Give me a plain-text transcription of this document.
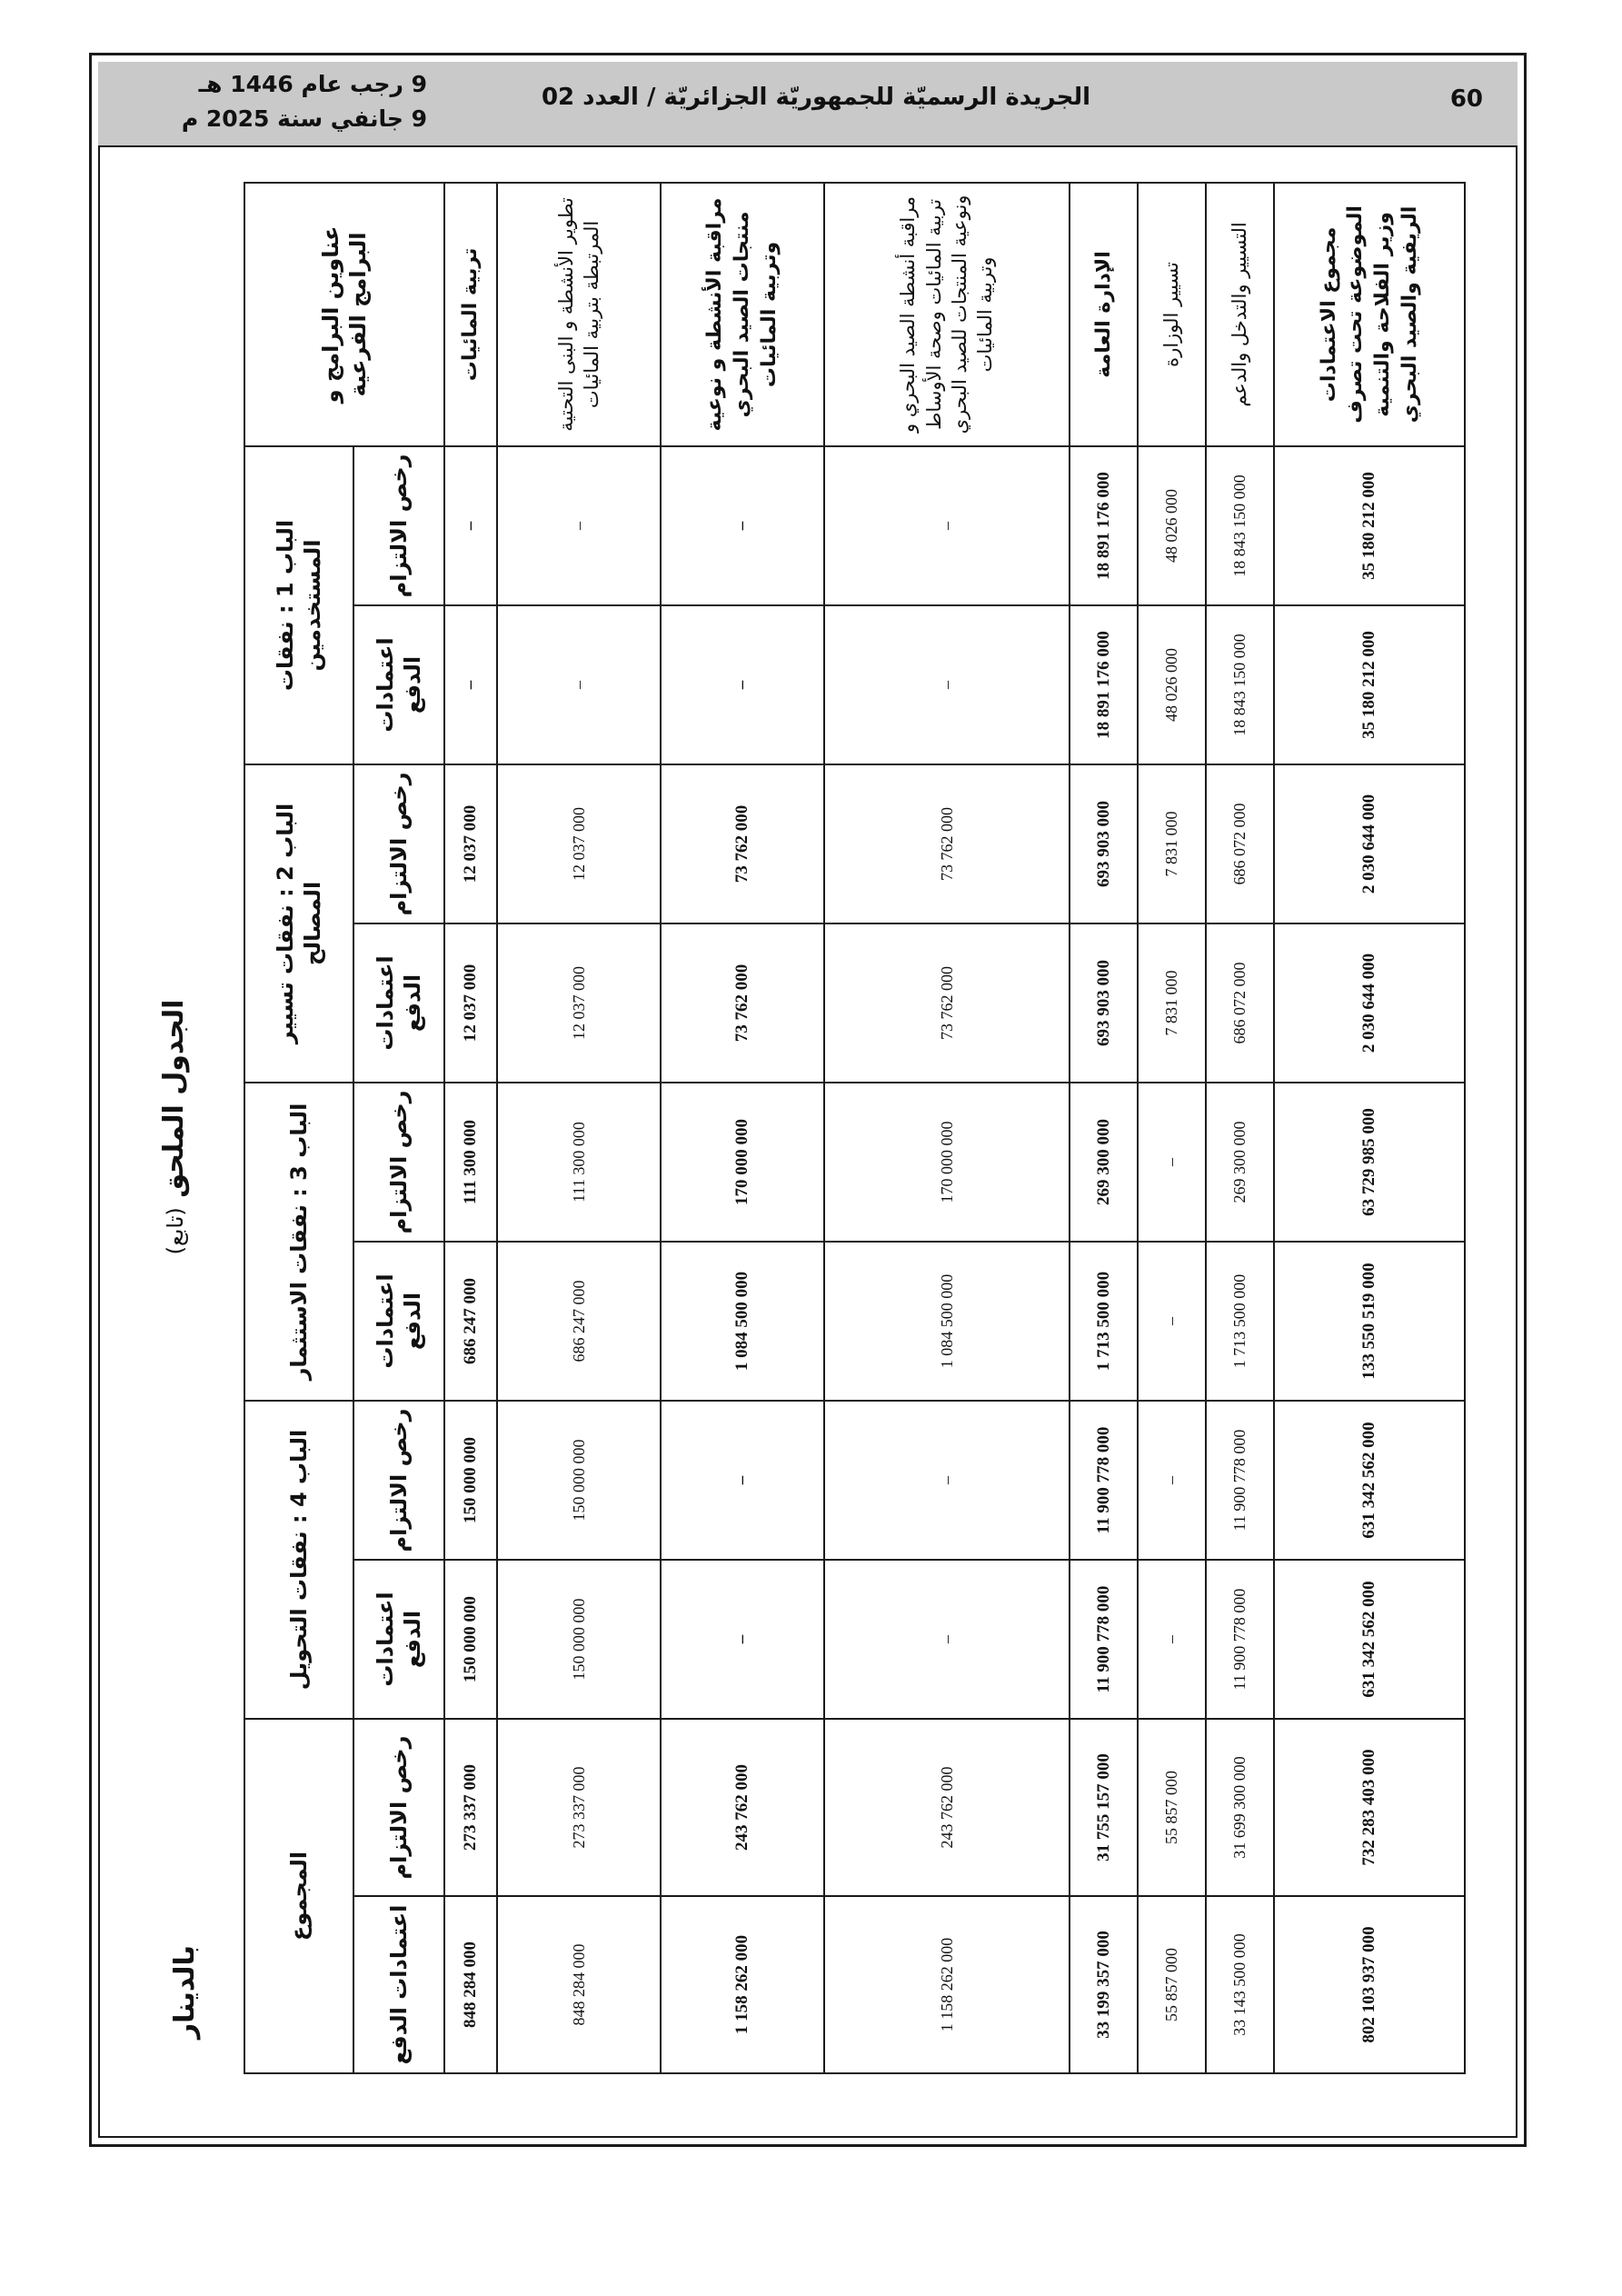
9 رجب عام 1446 هـ
9 جانفي سنة 2025 م
الجريدة الرسميّة للجمهوريّة الجزائريّة / العدد 02	60
بالدينار
الجدول الملحق (تابع)
عناوين البرامج و البرامج الفرعية	الباب 1 : نفقات المستخدمين		الباب 2 : نفقات تسيير المصالح		الباب 3 : نفقات الاستثمار		الباب 4 : نفقات التحويل		المجموع	
	رخص الالتزام	اعتمادات الدفع	رخص الالتزام	اعتمادات الدفع	رخص الالتزام	اعتمادات الدفع	رخص الالتزام	اعتمادات الدفع	رخص الالتزام	اعتمادات الدفع
تربية المائيات	–	–	12 037 000	12 037 000	111 300 000	686 247 000	150 000 000	150 000 000	273 337 000	848 284 000
تطوير الأنشطة و البنى التحتية المرتبطة بتربية المائيات	–	–	12 037 000	12 037 000	111 300 000	686 247 000	150 000 000	150 000 000	273 337 000	848 284 000
مراقبة الأنشطة و نوعية منتجات الصيد البحري وتربية المائيات	–	–	73 762 000	73 762 000	170 000 000	1 084 500 000	–	–	243 762 000	1 158 262 000
مراقبة أنشطة الصيد البحري و تربية المائيات وصحة الأوساط ونوعية المنتجات للصيد البحري وتربية المائيات	–	–	73 762 000	73 762 000	170 000 000	1 084 500 000	–	–	243 762 000	1 158 262 000
الإدارة العامة	18 891 176 000	18 891 176 000	693 903 000	693 903 000	269 300 000	1 713 500 000	11 900 778 000	11 900 778 000	31 755 157 000	33 199 357 000
تسيير الوزارة	48 026 000	48 026 000	7 831 000	7 831 000	–	–	–	–	55 857 000	55 857 000
التسيير والتدخل والدعم	18 843 150 000	18 843 150 000	686 072 000	686 072 000	269 300 000	1 713 500 000	11 900 778 000	11 900 778 000	31 699 300 000	33 143 500 000
مجموع الاعتمادات الموضوعة تحت تصرف وزير الفلاحة والتنمية الريفية والصيد البحري	35 180 212 000	35 180 212 000	2 030 644 000	2 030 644 000	63 729 985 000	133 550 519 000	631 342 562 000	631 342 562 000	732 283 403 000	802 103 937 000
